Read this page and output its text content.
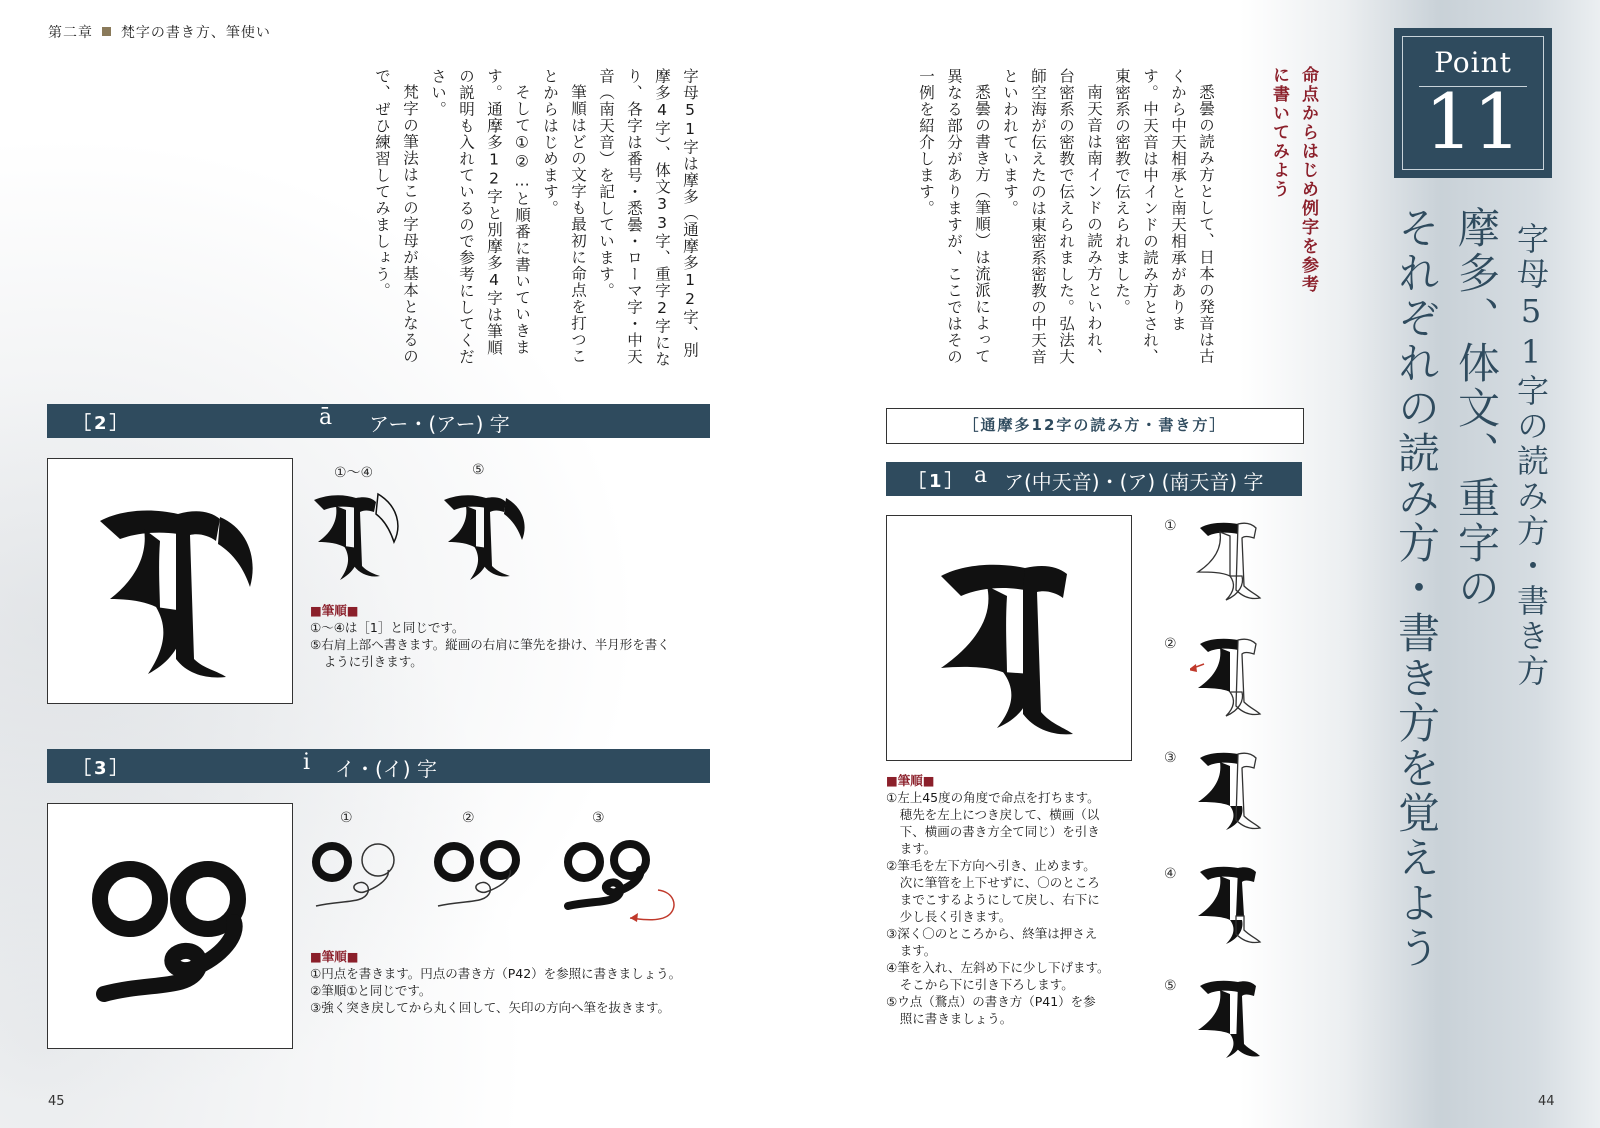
第二章 梵字の書き方、筆使い

字母51字は摩多（通摩多12字、別摩多4字）、体文33字、重字2字になり、各字は番号・悉曇・ローマ字・中天音（南天音）を記しています。

筆順はどの文字も最初に命点を打つことからはじめます。

そして①②…と順番に書いていきます。通摩多12字と別摩多4字は筆順の説明も入れているので参考にしてください。

梵字の筆法はこの字母が基本となるので、ぜひ練習してみましょう。

［2］	ā アー・(アー) 字
①〜④	⑤
■筆順■
①〜④は［1］と同じです。
⑤右肩上部へ書きます。縦画の右肩に筆先を掛け、半月形を書く
ように引きます。
［3］	i イ・(イ) 字
①	②	③
■筆順■
①円点を書きます。円点の書き方（P42）を参照に書きましょう。
②筆順①と同じです。
③強く突き戻してから丸く回して、矢印の方向へ筆を抜きます。
45
Point
11
字母51字の読み方・書き方
摩多、体文、重字の
それぞれの読み方・書き方を覚えよう
命点からはじめ例字を参考に書いてみよう

悉曇の読み方として、日本の発音は古くから中天相承と南天相承がありま す。中天音は中インドの読み方とされ、東密系の密教で伝えられました。

南天音は南インドの読み方といわれ、台密系の密教で伝えられました。弘法大師空海が伝えたのは東密系密教の中天音といわれています。

悉曇の書き方（筆順）は流派によって異なる部分がありますが、ここではその一例を紹介します。

［通摩多12字の読み方・書き方］
［1］ a ア(中天音)・(ア) (南天音) 字
①
②
③
④
⑤
■筆順■
①左上45度の角度で命点を打ちます。
穂先を左上につき戻して、横画（以
下、横画の書き方全て同じ）を引き
ます。
②筆毛を左下方向へ引き、止めます。
次に筆管を上下せずに、〇のところ
までこするようにして戻し、右下に
少し長く引きます。
③深く〇のところから、終筆は押さえ
ます。
④筆を入れ、左斜め下に少し下げます。
そこから下に引き下ろします。
⑤ウ点（鶩点）の書き方（P41）を参
照に書きましょう。
44
